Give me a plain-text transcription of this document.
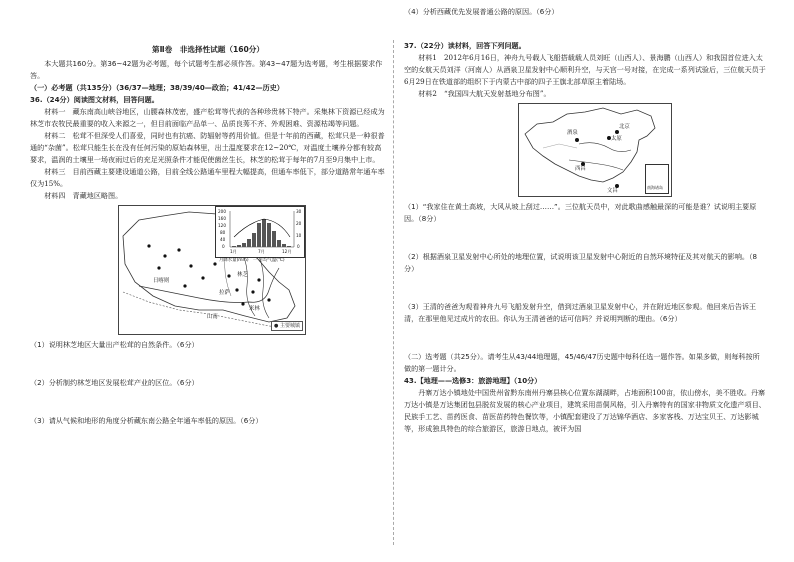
第Ⅱ卷　非选择性试题（160分）

本大题共160分。第36~42题为必考题，每个试题考生都必须作答。第43~47题为选考题，考生根据要求作答。

（一）必考题（共135分）（36/37—地理；38/39/40—政治；41/42—历史）

36.（24分）阅读图文材料，回答问题。

材料一　藏东南高山峡谷地区，山腰森林茂密，盛产松茸等代表的各种珍贵林下特产。采集林下资源已经成为林芝市农牧民最重要的收入来源之一，但目前面临产品单一、品质良莠不齐、外观困难、资源枯竭等问题。

材料二　松茸不但深受人们喜爱，同时也有抗癌、防辐射等药用价值。但是十年前的西藏，松茸只是一种很普通的“杂菌”。松茸只能生长在没有任何污染的原始森林里，出土温度要求在12~20℃，对温度土壤养分都有较高要求，温润的土壤里一场夜雨过后的充足光照条件才能促使菌丝生长，林芝的松茸于每年的7月至9月集中上市。

材料三　目前西藏主要建设通道公路，目前全线公路通车里程大幅提高，但通车率低下，部分道路常年通车率仅为15%。

材料四　青藏地区略图。

200
160
120
80
40
0
30
20
10
0
1月	7月	12月
月降水量(mm)　一 月均气温(℃)
林芝
拉萨
日喀则
山南
米林
● 主要城镇

（1）说明林芝地区大量出产松茸的自然条件。（6分）

（2）分析制约林芝地区发展松茸产业的区位。（6分）

（3）请从气候和地形的角度分析藏东南公路全年通车率低的原因。（6分）

（4）分析西藏优先发展普通公路的原因。（6分）

37.（22分）读材料，回答下列问题。

材料1　2012年6月16日，神舟九号载人飞船搭载载人员刘旺（山西人）、景海鹏（山西人）和我国首位进入太空的女航天员刘洋（河南人）从酒泉卫星发射中心顺利升空，与天宫一号对接，在完成一系列试验后，三位航天员于6月29日在铁道部的组织下于内蒙古中部的四子王旗北部草原主着陆场。

材料2　“我国四大航天发射基地分布图”。

酒泉
北京
太原
西昌
文昌
南海诸岛

（1）“我家住在黄土高坡，大风从坡上刮过……”。三位航天员中，对此歌曲感触最深的可能是谁？试说明主要原因。（8分）

（2）根据酒泉卫星发射中心所处的地理位置，试说明该卫星发射中心附近的自然环境特征及其对航天的影响。（8分）

（3）王清的爸爸为观看神舟九号飞船发射升空，借到过酒泉卫星发射中心，并在附近地区参观。他回来后告诉王清，在那里他见过成片的农田。你认为王清爸爸的话可信吗？并说明判断的理由。（6分）

（二）选考题（共25分）。请考生从43/44地理题，45/46/47历史题中每科任选一题作答。如果多做，则每科按所做的第一题计分。

43.【地理——选修3：旅游地理】（10分）

丹寨万达小镇地处中国贵州省黔东南州丹寨县核心位置东湖湖畔，占地面积100亩，依山傍水，美不胜收。丹寨万达小镇是万达集团包县脱贫发展的核心产业项目，建筑采用苗侗风格，引入丹寨特有的国家非物质文化遗产项目、民族手工艺、苗药医食、苗医苗药特色餐饮等，小镇配套建设了万达锦华酒店、多家客栈、万达宝贝王、万达影城等，形成独具特色的综合旅游区，旅游日地点，被评为国
